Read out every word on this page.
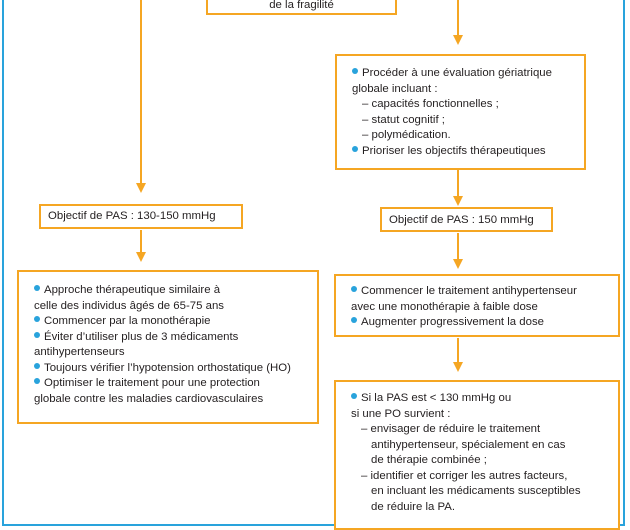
de la fragilité
Procéder à une évaluation gériatrique
globale incluant :
– capacités fonctionnelles ;
– statut cognitif ;
– polymédication.
Prioriser les objectifs thérapeutiques
Objectif de PAS : 130-150 mmHg	Objectif de PAS : 150 mmHg
Approche thérapeutique similaire à
celle des individus âgés de 65-75 ans
Commencer par la monothérapie
Éviter d’utiliser plus de 3 médicaments
antihypertenseurs
Toujours vérifier l’hypotension orthostatique (HO)
Optimiser le traitement pour une protection
globale contre les maladies cardiovasculaires
Commencer le traitement antihypertenseur
avec une monothérapie à faible dose
Augmenter progressivement la dose
Si la PAS est < 130 mmHg ou
si une PO survient :
– envisager de réduire le traitement
antihypertenseur, spécialement en cas
de thérapie combinée ;
– identifier et corriger les autres facteurs,
en incluant les médicaments susceptibles
de réduire la PA.
